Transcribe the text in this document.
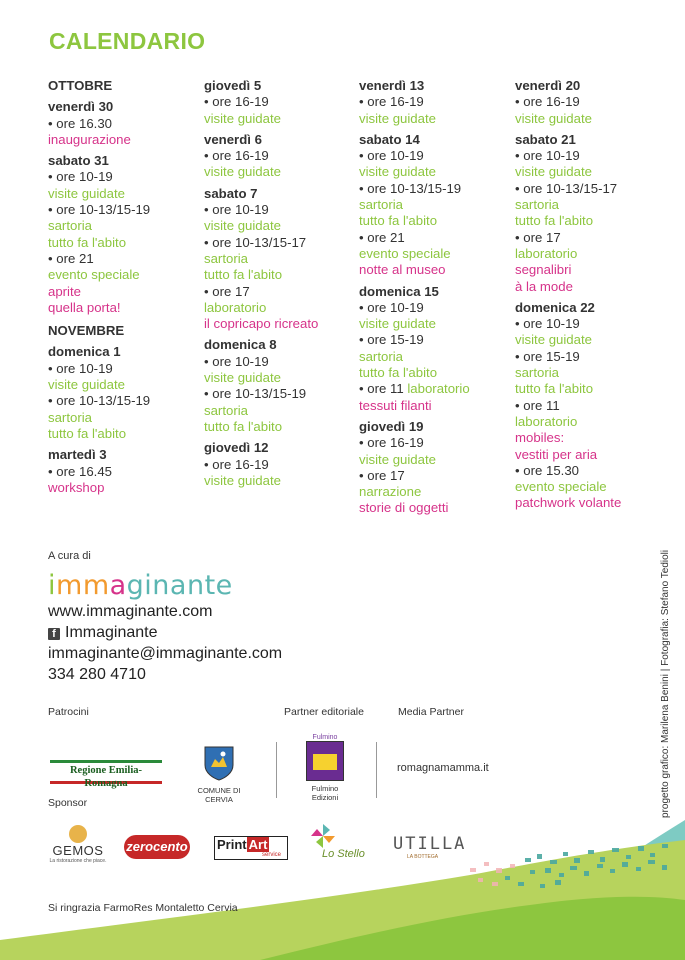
CALENDARIO
OTTOBRE
venerdì 30
• ore 16.30
inaugurazione
sabato 31
• ore 10-19
visite guidate
• ore 10-13/15-19
sartoria
tutto fa l'abito
• ore 21
evento speciale
aprite
quella porta!
NOVEMBRE
domenica 1
• ore 10-19
visite guidate
• ore 10-13/15-19
sartoria
tutto fa l'abito
martedì 3
• ore 16.45
workshop
giovedì 5
• ore 16-19
visite guidate
venerdì 6
• ore 16-19
visite guidate
sabato 7
• ore 10-19
visite guidate
• ore 10-13/15-17
sartoria
tutto fa l'abito
• ore 17
laboratorio
il copricapo ricreato
domenica 8
• ore 10-19
visite guidate
• ore 10-13/15-19
sartoria
tutto fa l'abito
giovedì 12
• ore 16-19
visite guidate
venerdì 13
• ore 16-19
visite guidate
sabato 14
• ore 10-19
visite guidate
• ore 10-13/15-19
sartoria
tutto fa l'abito
• ore 21
evento speciale
notte al museo
domenica 15
• ore 10-19
visite guidate
• ore 15-19
sartoria
tutto fa l'abito
• ore 11 laboratorio
tessuti filanti
giovedì 19
• ore 16-19
visite guidate
• ore 17
narrazione
storie di oggetti
venerdì 20
• ore 16-19
visite guidate
sabato 21
• ore 10-19
visite guidate
• ore 10-13/15-17
sartoria
tutto fa l'abito
• ore 17
laboratorio
segnalibri
à la mode
domenica 22
• ore 10-19
visite guidate
• ore 15-19
sartoria
tutto fa l'abito
• ore 11
laboratorio
mobiles:
vestiti per aria
• ore 15.30
evento speciale
patchwork volante
A cura di
immaginante
www.immaginante.com
f Immaginante
immaginante@immaginante.com
334 280 4710
Patrocini	Partner editoriale	Media Partner
Regione Emilia-Romagna
COMUNE DI CERVIA
Fulmino
Fulmino
Edizioni
romagnamamma.it
Sponsor
GEMOS
La ristorazione che piace.
zerocento Print Art
service	Lo Stello UTILLA
LA BOTTEGA
Si ringrazia FarmoRes Montaletto Cervia
progetto grafico: Marilena Benini | Fotografia: Stefano Tedioli
